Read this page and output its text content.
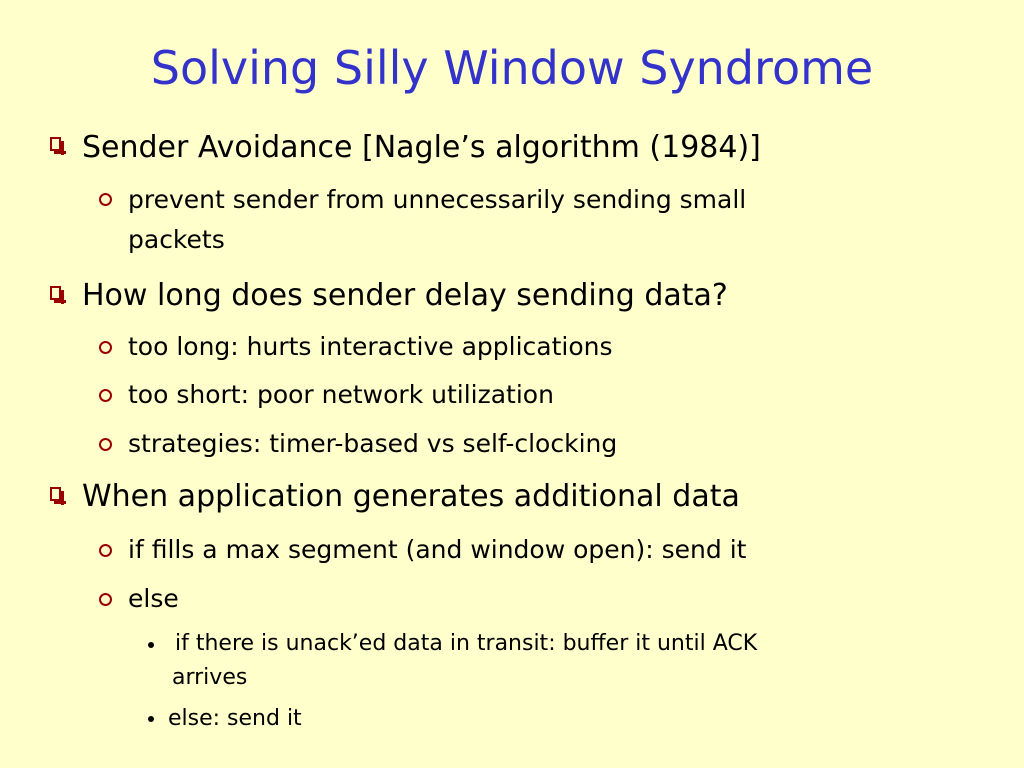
Solving Silly Window Syndrome
Sender Avoidance [Nagle’s algorithm (1984)]
prevent sender from unnecessarily sending small
packets
How long does sender delay sending data?
too long: hurts interactive applications
too short: poor network utilization
strategies: timer-based vs self-clocking
When application generates additional data
if fills a max segment (and window open): send it
else
if there is unack’ed data in transit: buffer it until ACK
arrives
else: send it
